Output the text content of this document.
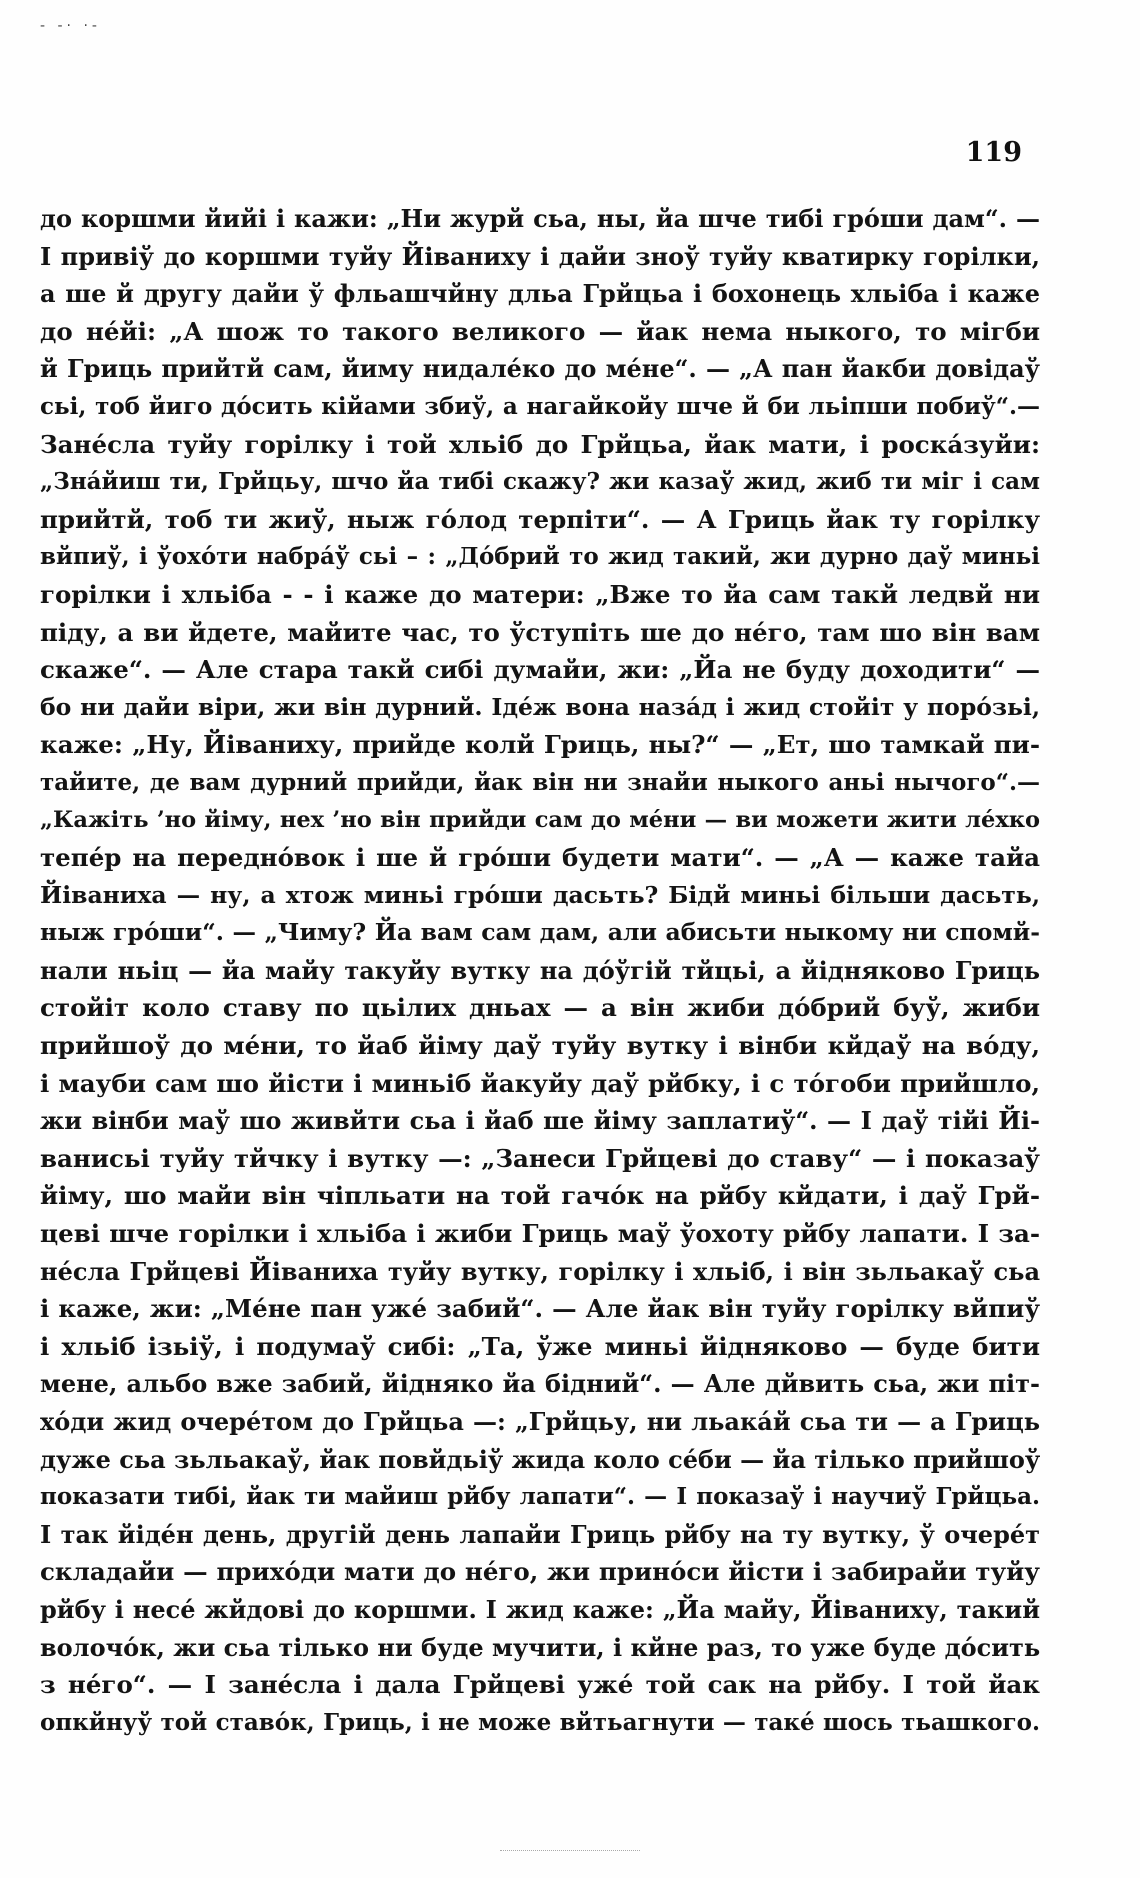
- -· ·-
119
до коршми йийі і кажи: „Ни журй сьа, ны, йа шче тибі грόши дам“. —
І привіў до коршми туйу Йіваниху і дайи зноў туйу кватирку горілки,
а ше й другу дайи ў фльашчйну дльа Грйцьа і бохонець хльіба і каже
до нéйі: „А шож то такого великого — йак нема ныкого, то мігби
й Гриць прийтй сам, йиму нидалéко до мéне“. — „А пан йакби довідаў
сьі, тоб йиго дόсить кійами збиў, а нагайкойу шче й би льіпши побиў“.—
Занéсла туйу горілку і той хльіб до Грйцьа, йак мати, і роскáзуйи:
„Знáйиш ти, Грйцьу, шчо йа тибі скажу? жи казаў жид, жиб ти міг і сам
прийтй, тоб ти жиў, ныж гόлод терпіти“. — А Гриць йак ту горілку
вйпиў, і ўохόти набрáў сьі – : „Дόбрий то жид такий, жи дурно даў миньі
горілки і хльіба - - і каже до матери: „Вже то йа сам такй ледвй ни
піду, а ви йдете, майите час, то ўступіть ше до нéго, там шо він вам
скаже“. — Але стара такй сибі думайи, жи: „Йа не буду доходити“ —
бо ни дайи віри, жи він дурний. Ідéж вона назáд і жид стойіт у порόзьі,
каже: „Ну, Йіваниху, прийде колй Гриць, ны?“ — „Ет, шо тамкай пи-
тайите, де вам дурний прийди, йак він ни знайи ныкого аньі нычого“.—
„Кажіть ’но йіму, нех ’но він прийди сам до мéни — ви можети жити лéхко
тепéр на переднόвок і ше й грόши будети мати“. — „А — каже тайа
Йіваниха — ну, а хтож миньі грόши дасьть? Бідй миньі більши дасьть,
ныж грόши“. — „Чиму? Йа вам сам дам, али абисьти ныкому ни спомй-
нали ньіц — йа майу такуйу вутку на дόўгій тйцьі, а йідняково Гриць
стойіт коло ставу по цьілих дньах — а він жиби дόбрий буў, жиби
прийшоў до мéни, то йаб йіму даў туйу вутку і вінби кйдаў на вόду,
і мауби сам шо йісти і миньіб йакуйу даў рйбку, і с тόгоби прийшло,
жи вінби маў шо живйти сьа і йаб ше йіму заплатиў“. — І даў тійі Йі-
ванисьі туйу тйчку і вутку —: „Занеси Грйцеві до ставу“ — і показаў
йіму, шо майи він чіпльати на той гачόк на рйбу кйдати, і даў Грй-
цеві шче горілки і хльіба і жиби Гриць маў ўохоту рйбу лапати. І за-
нéсла Грйцеві Йіваниха туйу вутку, горілку і хльіб, і він зьльакаў сьа
і каже, жи: „Мéне пан ужé забий“. — Але йак він туйу горілку вйпиў
і хльіб ізьіў, і подумаў сибі: „Та, ўже миньі йідняково — буде бити
мене, альбо вже забий, йідняко йа бідний“. — Але дйвить сьа, жи піт-
хόди жид очерéтом до Грйцьа —: „Грйцьу, ни льакáй сьа ти — а Гриць
дуже сьа зьльакаў, йак повйдьіў жида коло сéби — йа тілько прийшоў
показати тибі, йак ти майиш рйбу лапати“. — І показаў і научиў Грйцьа.
І так йідéн день, другій день лапайи Гриць рйбу на ту вутку, ў очерéт
складайи — прихόди мати до нéго, жи принόси йісти і забирайи туйу
рйбу і несé жйдові до коршми. І жид каже: „Йа майу, Йіваниху, такий
волочόк, жи сьа тілько ни буде мучити, і кйне раз, то уже буде дόсить
з нéго“. — І занéсла і дала Грйцеві ужé той сак на рйбу. І той йак
опкйнуў той ставόк, Гриць, і не може вйтьагнути — такé шось тьашкого.
